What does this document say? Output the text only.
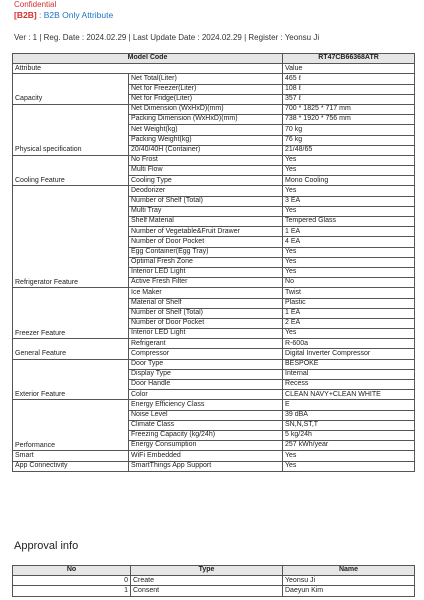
Confidential
[B2B] : B2B Only Attribute
Ver : 1 | Reg. Date : 2024.02.29 | Last Update Date : 2024.02.29 | Register : Yeonsu Ji
Model Code		RT47CB66368ATR
Attribute		Value
Capacity	Net Total(Liter)	465 ℓ
	Net for Freezer(Liter)	108 ℓ
	Net for Fridge(Liter)	357 ℓ
Physical specification	Net Dimension (WxHxD)(mm)	700 * 1825 * 717 mm
	Packing Dimension (WxHxD)(mm)	738 * 1920 * 756 mm
	Net Weight(kg)	70 kg
	Packing Weight(kg)	76 kg
	20/40/40H (Container)	21/48/65
Cooling Feature	No Frost	Yes
	Multi Flow	Yes
	Cooling Type	Mono Cooling
Refrigerator Feature	Deodorizer	Yes
	Number of Shelf (Total)	3 EA
	Multi Tray	Yes
	Shelf Material	Tempered Glass
	Number of Vegetable&Fruit Drawer	1 EA
	Number of Door Pocket	4 EA
	Egg Container(Egg Tray)	Yes
	Optimal Fresh Zone	Yes
	Interior LED Light	Yes
	Active Fresh Filter	No
Freezer Feature	Ice Maker	Twist
	Material of Shelf	Plastic
	Number of Shelf (Total)	1 EA
	Number of Door Pocket	2 EA
	Interior LED Light	Yes
General Feature	Refrigerant	R-600a
	Compressor	Digital Inverter Compressor
Exterior Feature	Door Type	BESPOKE
	Display Type	Internal
	Door Handle	Recess
	Color	CLEAN NAVY+CLEAN WHITE
Performance	Energy Efficiency Class	E
	Noise Level	39 dBA
	Climate Class	SN,N,ST,T
	Freezing Capacity (kg/24h)	5 kg/24h
	Energy Consumption	257 kWh/year
Smart	WiFi Embedded	Yes
App Connectivity	SmartThings App Support	Yes
Approval info
No	Type	Name
0	Create	Yeonsu Ji
1	Consent	Daeyun Kim
